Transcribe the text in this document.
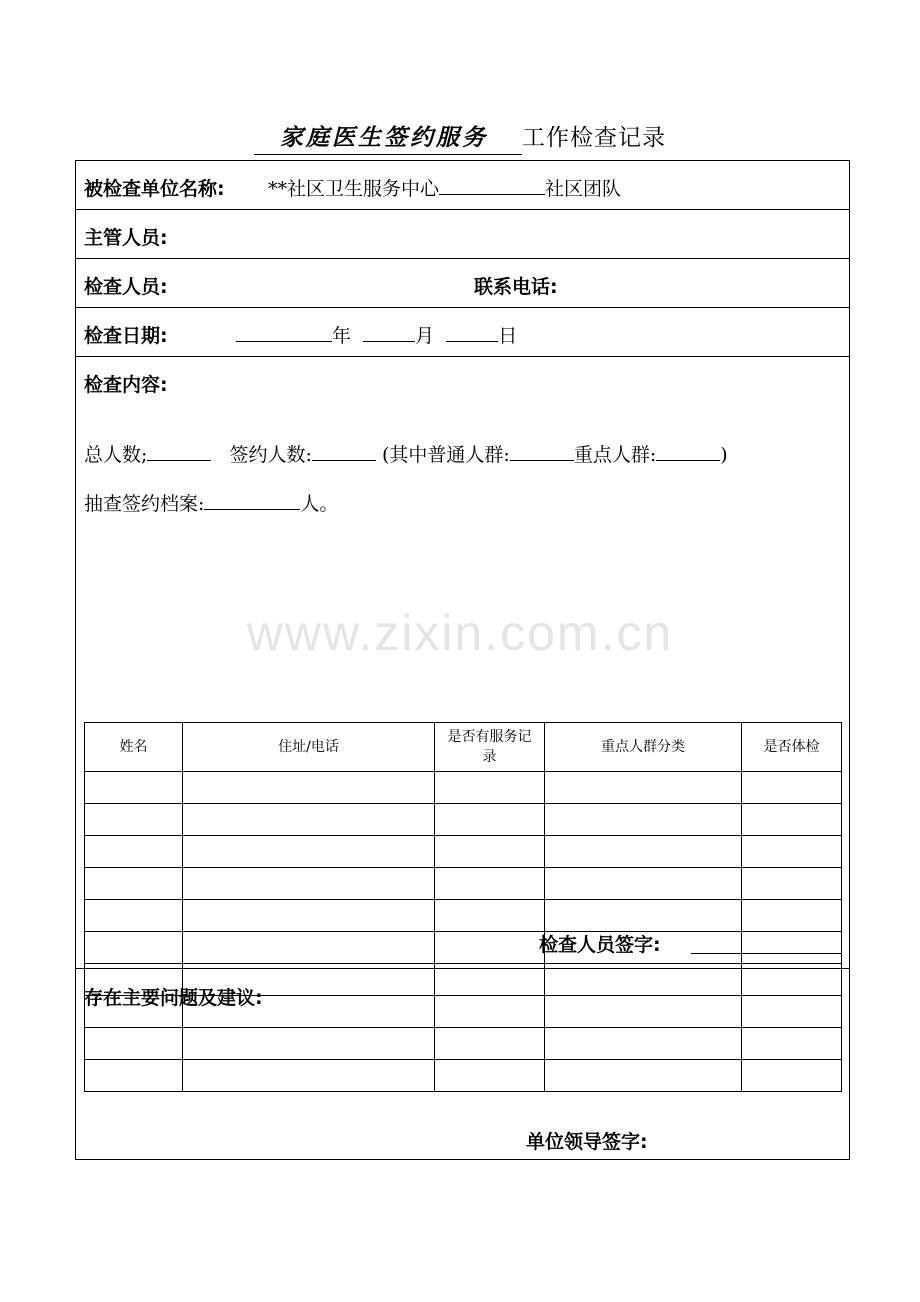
家庭医生签约服务 工作检查记录
被检查单位名称: **社区卫生服务中心	社区团队
主管人员:
检查人员:	联系电话:
检查日期:	年	月	日
检查内容:
总人数;	签约人数:	(其中普通人群:	重点人群:	)
抽查签约档案:	人。
姓名	住址/电话	是否有服务记录	重点人群分类	是否体检

检查人员签字:
存在主要问题及建议:
单位领导签字:
www.zixin.com.cn
